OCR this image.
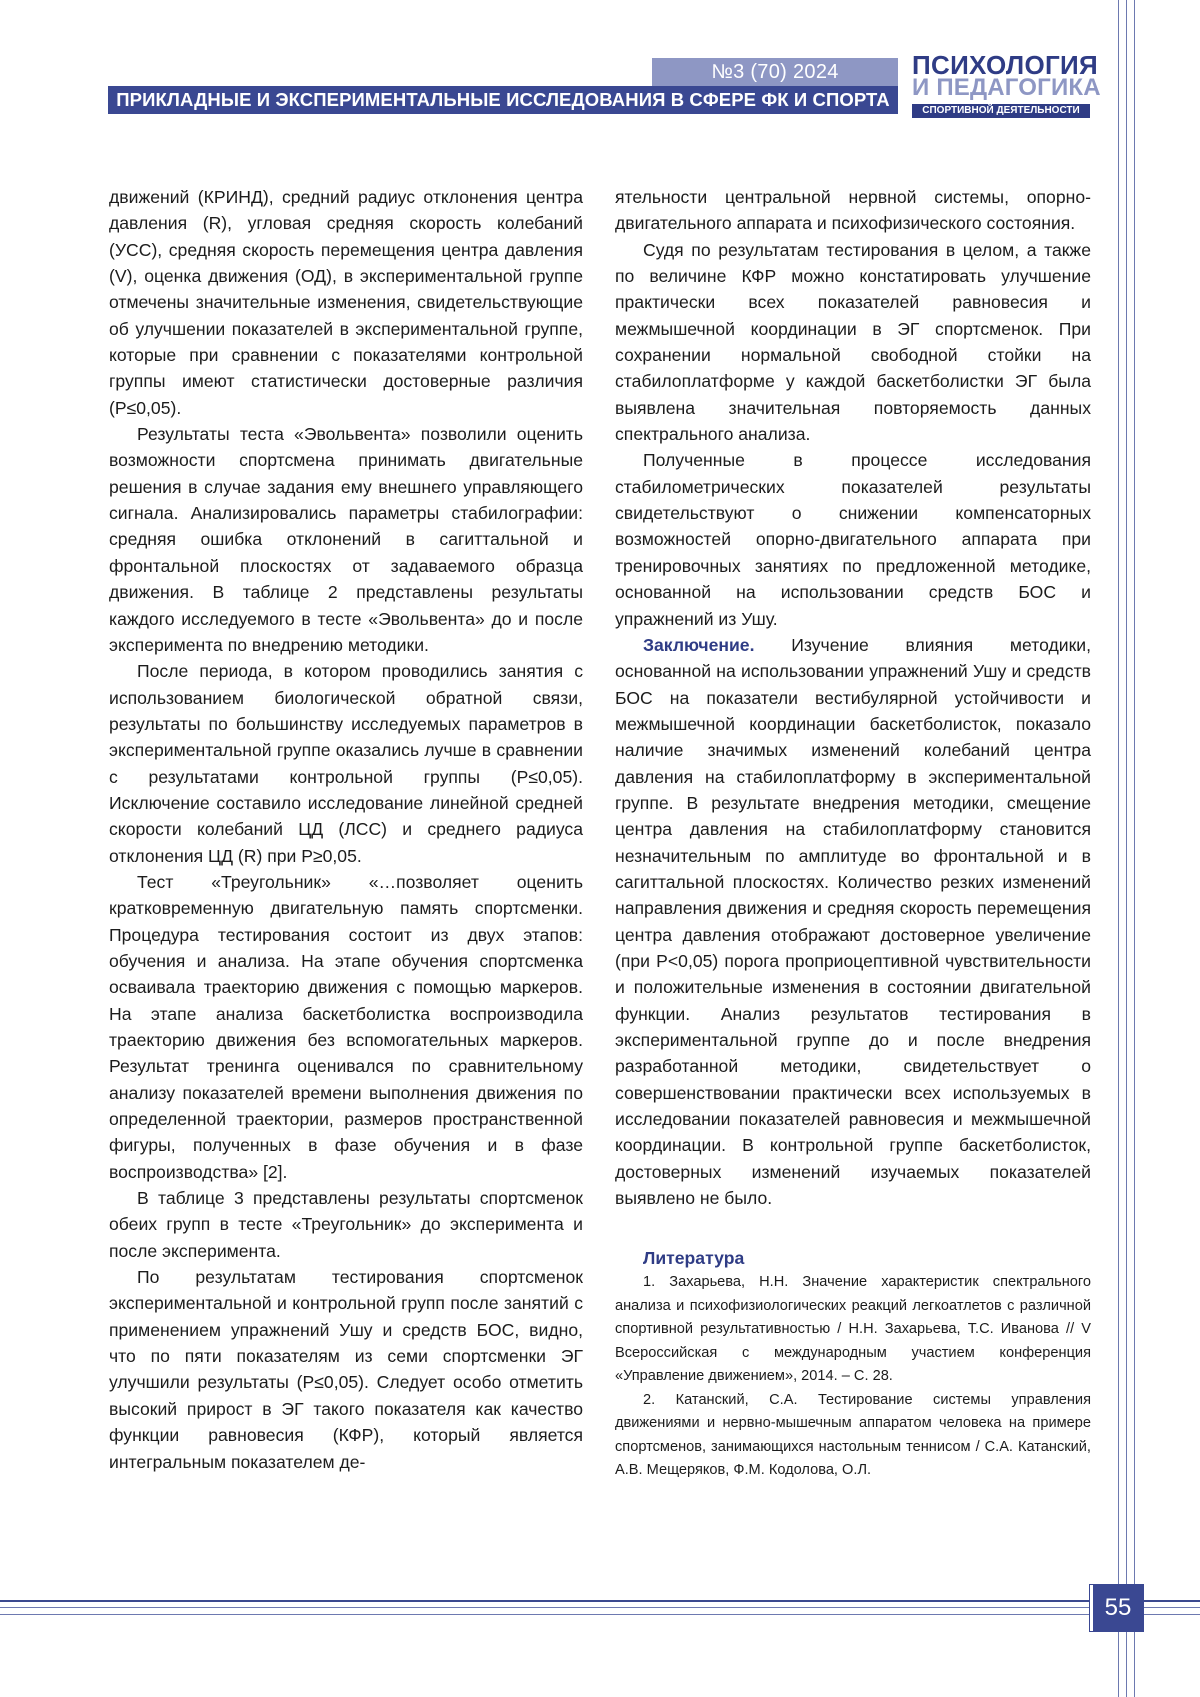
№3 (70) 2024
ПРИКЛАДНЫЕ И ЭКСПЕРИМЕНТАЛЬНЫЕ ИССЛЕДОВАНИЯ В СФЕРЕ ФК И СПОРТА
ПСИХОЛОГИЯ
И ПЕДАГОГИКА
СПОРТИВНОЙ ДЕЯТЕЛЬНОСТИ

движений (КРИНД), средний радиус отклонения центра давления (R), угловая средняя скорость колебаний (УСС), средняя скорость перемещения центра давления (V), оценка движения (ОД), в экспериментальной группе отмечены значительные изменения, свидетельствующие об улучшении показателей в экспериментальной группе, которые при сравнении с показателями контрольной группы имеют статистически достоверные различия (Р≤0,05).

Результаты теста «Эвольвента» позволили оценить возможности спортсмена принимать двигательные решения в случае задания ему внешнего управляющего сигнала. Анализировались параметры стабилографии: средняя ошибка отклонений в сагиттальной и фронтальной плоскостях от задаваемого образца движения. В таблице 2 представлены результаты каждого исследуемого в тесте «Эвольвента» до и после эксперимента по внедрению методики.

После периода, в котором проводились занятия с использованием биологической обратной связи, результаты по большинству исследуемых параметров в экспериментальной группе оказались лучше в сравнении с результатами контрольной группы (Р≤0,05). Исключение составило исследование линейной средней скорости колебаний ЦД (ЛСС) и среднего радиуса отклонения ЦД (R) при Р≥0,05.

Тест «Треугольник» «…позволяет оценить кратковременную двигательную память спортсменки. Процедура тестирования состоит из двух этапов: обучения и анализа. На этапе обучения спортсменка осваивала траекторию движения с помощью маркеров. На этапе анализа баскетболистка воспроизводила траекторию движения без вспомогательных маркеров. Результат тренинга оценивался по сравнительному анализу показателей времени выполнения движения по определенной траектории, размеров пространственной фигуры, полученных в фазе обучения и в фазе воспроизводства» [2].

В таблице 3 представлены результаты спортсменок обеих групп в тесте «Треугольник» до эксперимента и после эксперимента.

По результатам тестирования спортсменок экспериментальной и контрольной групп после занятий с применением упражнений Ушу и средств БОС, видно, что по пяти показателям из семи спортсменки ЭГ улучшили результаты (Р≤0,05). Следует особо отметить высокий прирост в ЭГ такого показателя как качество функции равновесия (КФР), который является интегральным показателем де-

ятельности центральной нервной системы, опорно-двигательного аппарата и психофизического состояния.

Судя по результатам тестирования в целом, а также по величине КФР можно констатировать улучшение практически всех показателей равновесия и межмышечной координации в ЭГ спортсменок. При сохранении нормальной свободной стойки на стабилоплатформе у каждой баскетболистки ЭГ была выявлена значительная повторяемость данных спектрального анализа.

Полученные в процессе исследования стабилометрических показателей результаты свидетельствуют о снижении компенсаторных возможностей опорно-двигательного аппарата при тренировочных занятиях по предложенной методике, основанной на использовании средств БОС и упражнений из Ушу.

Заключение. Изучение влияния методики, основанной на использовании упражнений Ушу и средств БОС на показатели вестибулярной устойчивости и межмышечной координации баскетболисток, показало наличие значимых изменений колебаний центра давления на стабилоплатформу в экспериментальной группе. В результате внедрения методики, смещение центра давления на стабилоплатформу становится незначительным по амплитуде во фронтальной и в сагиттальной плоскостях. Количество резких изменений направления движения и средняя скорость перемещения центра давления отображают достоверное увеличение (при P<0,05) порога проприоцептивной чувствительности и положительные изменения в состоянии двигательной функции. Анализ результатов тестирования в экспериментальной группе до и после внедрения разработанной методики, свидетельствует о совершенствовании практически всех используемых в исследовании показателей равновесия и межмышечной координации. В контрольной группе баскетболисток, достоверных изменений изучаемых показателей выявлено не было.

Литература

1. Захарьева, Н.Н. Значение характеристик спектрального анализа и психофизиологических реакций легкоатлетов с различной спортивной результативностью / Н.Н. Захарьева, Т.С. Иванова // V Всероссийская с международным участием конференция «Управление движением», 2014. – С. 28.

2. Катанский, С.А. Тестирование системы управления движениями и нервно-мышечным аппаратом человека на примере спортсменов, занимающихся настольным теннисом / С.А. Катанский, А.В. Мещеряков, Ф.М. Кодолова, О.Л.

55
